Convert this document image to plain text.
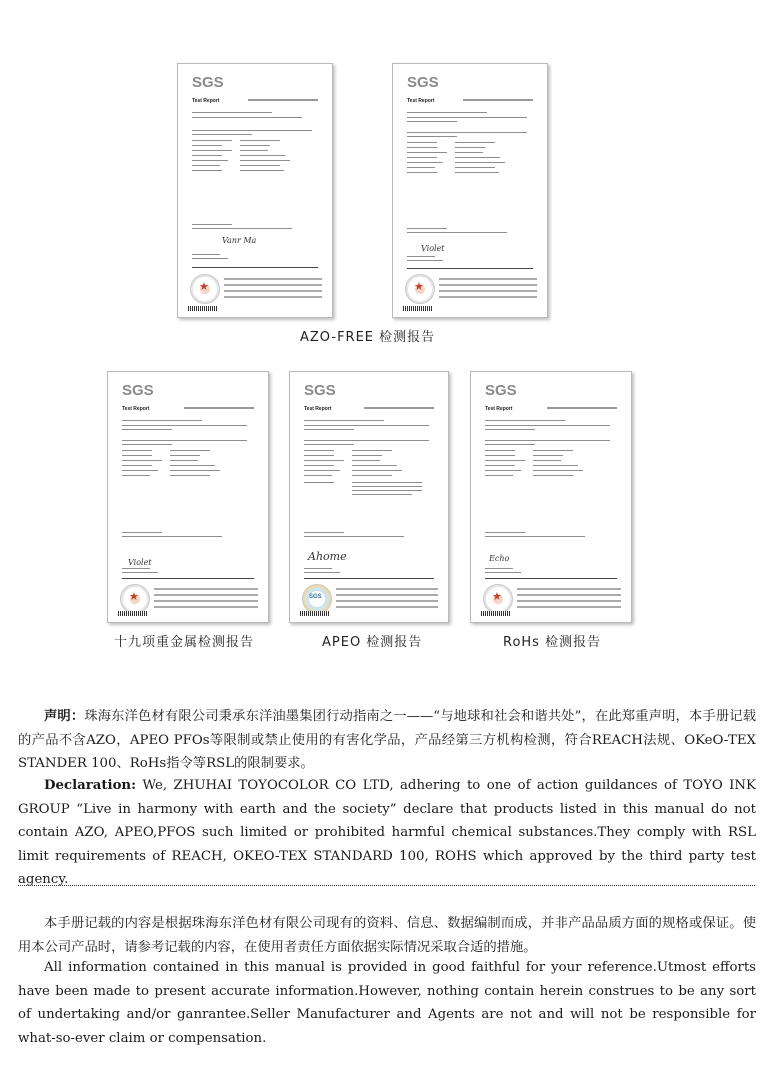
SGS
Test Report
Vanr Ma
★
SGS
Test Report
Violet
★
AZO-FREE 检测报告
SGS
Test Report
Violet
★
SGS
Test Report
Ahome
SGS
SGS
Test Report
Echo
★
十九项重金属检测报告	APEO 检测报告	RoHs 检测报告
声明：珠海东洋色材有限公司秉承东洋油墨集团行动指南之一——“与地球和社会和谐共处”，在此郑重声明，本手册记载的产品不含AZO，APEO PFOs等限制或禁止使用的有害化学品，产品经第三方机构检测，符合REACH法规、OKeO-TEX STANDER 100、RoHs指令等RSL的限制要求。
Declaration: We, ZHUHAI TOYOCOLOR CO LTD, adhering to one of action guildances of TOYO INK GROUP “Live in harmony with earth and the society” declare that products listed in this manual do not contain AZO, APEO,PFOS such limited or prohibited harmful chemical substances.They comply with RSL limit requirements of REACH, OKEO-TEX STANDARD 100, ROHS which approved by the third party test agency.
本手册记载的内容是根据珠海东洋色材有限公司现有的资料、信息、数据编制而成，并非产品品质方面的规格或保证。使用本公司产品时，请参考记载的内容，在使用者责任方面依据实际情况采取合适的措施。
All information contained in this manual is provided in good faithful for your reference.Utmost efforts have been made to present accurate information.However, nothing contain herein construes to be any sort of undertaking and/or ganrantee.Seller Manufacturer and Agents are not and will not be responsible for what-so-ever claim or compensation.
